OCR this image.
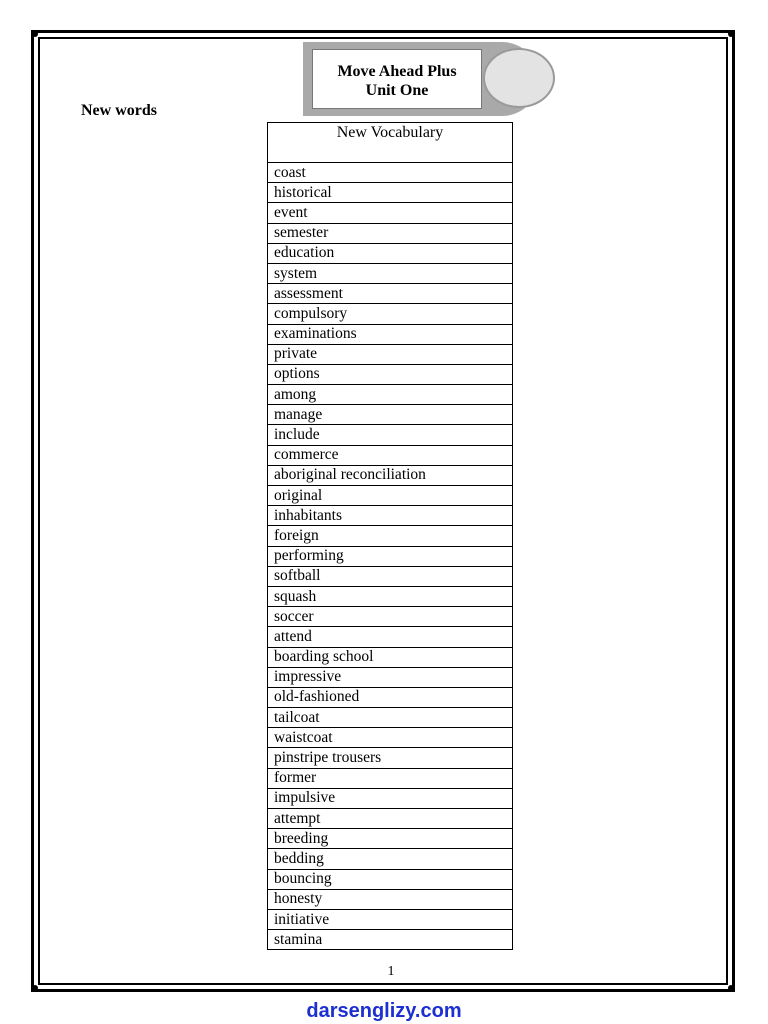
Move Ahead Plus
Unit One
New words
New Vocabulary
coast
historical
event
semester
education
system
assessment
compulsory
examinations
private
options
among
manage
include
commerce
aboriginal reconciliation
original
inhabitants
foreign
performing
softball
squash
soccer
attend
boarding school
impressive
old-fashioned
tailcoat
waistcoat
pinstripe trousers
former
impulsive
attempt
breeding
bedding
bouncing
honesty
initiative
stamina
1
darsenglizy.com
